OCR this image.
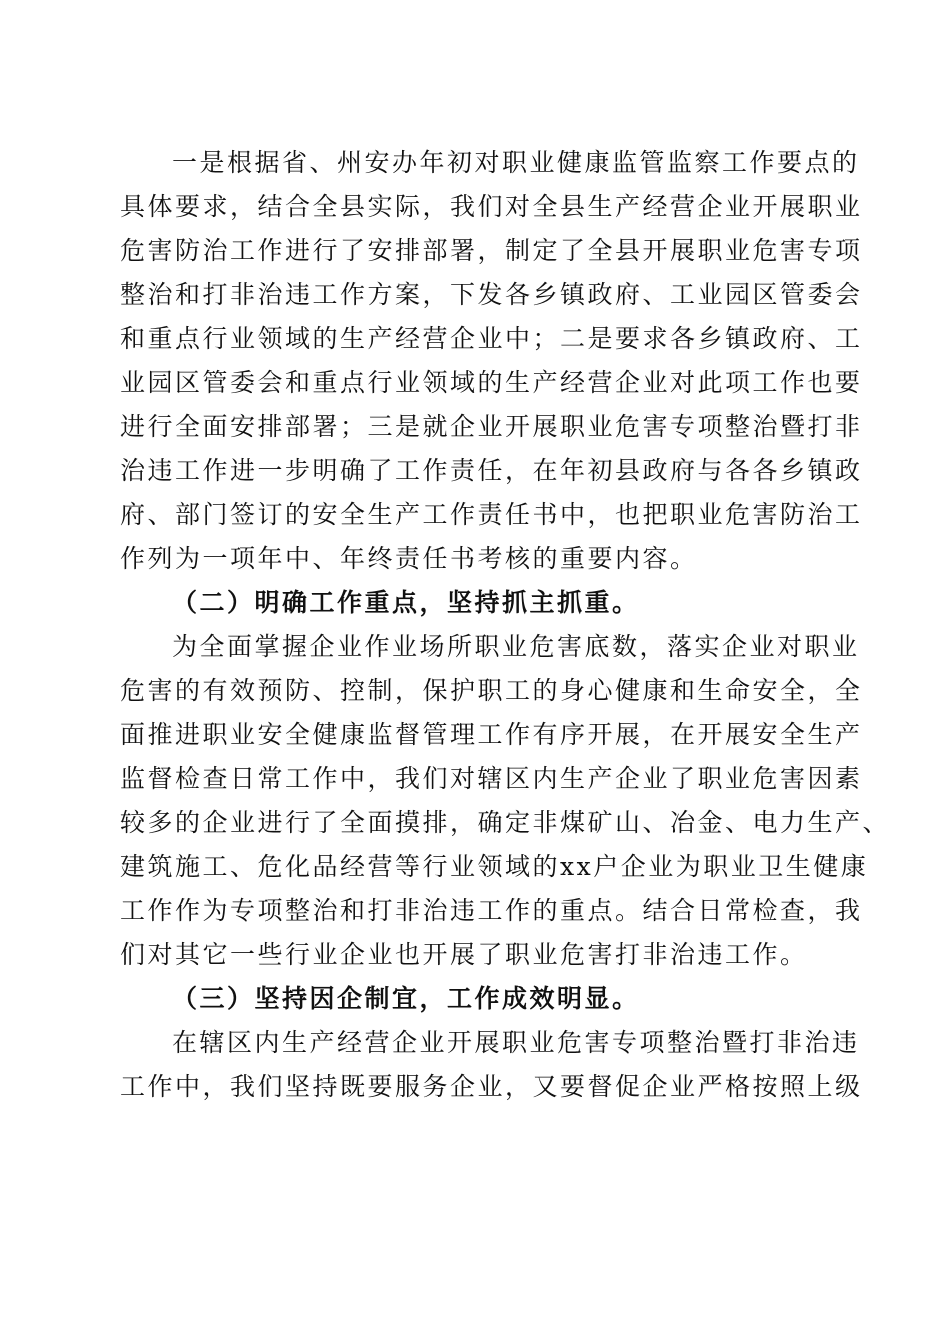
一是根据省、州安办年初对职业健康监管监察工作要点的
具体要求，结合全县实际，我们对全县生产经营企业开展职业
危害防治工作进行了安排部署，制定了全县开展职业危害专项
整治和打非治违工作方案，下发各乡镇政府、工业园区管委会
和重点行业领域的生产经营企业中；二是要求各乡镇政府、工
业园区管委会和重点行业领域的生产经营企业对此项工作也要
进行全面安排部署；三是就企业开展职业危害专项整治暨打非
治违工作进一步明确了工作责任，在年初县政府与各各乡镇政
府、部门签订的安全生产工作责任书中，也把职业危害防治工
作列为一项年中、年终责任书考核的重要内容。
（二）明确工作重点，坚持抓主抓重。
为全面掌握企业作业场所职业危害底数，落实企业对职业
危害的有效预防、控制，保护职工的身心健康和生命安全，全
面推进职业安全健康监督管理工作有序开展，在开展安全生产
监督检查日常工作中，我们对辖区内生产企业了职业危害因素
较多的企业进行了全面摸排，确定非煤矿山、冶金、电力生产、
建筑施工、危化品经营等行业领域的xx户企业为职业卫生健康
工作作为专项整治和打非治违工作的重点。结合日常检查，我
们对其它一些行业企业也开展了职业危害打非治违工作。
（三）坚持因企制宜，工作成效明显。
在辖区内生产经营企业开展职业危害专项整治暨打非治违
工作中，我们坚持既要服务企业，又要督促企业严格按照上级
